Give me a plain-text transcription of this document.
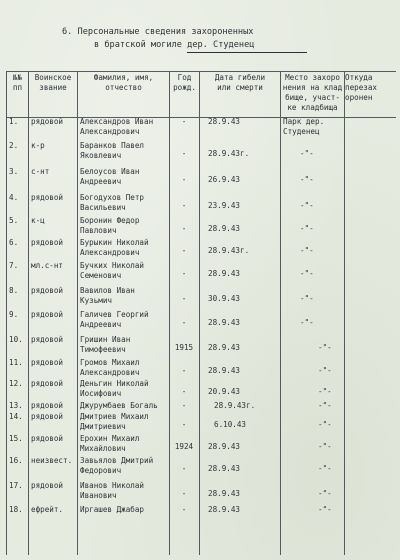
6. Персональные сведения захороненных
в братской могиле дер. Студенец
№№
пп
Воинское
звание
Фамилия, имя,
отчество
Год
рожд.
Дата гибели
или смерти
Место захоро
нения на клад
бище, участ-
ке кладбища
Откуда
перезах
оронен
1. рядовой Александров Иван
Александрович
-	28.9.43	Парк дер.
Студенец
2. к-р	Баранков Павел
Яковлевич	-	28.9.43г.	-"-
3. с-нт	Белоусов Иван
Андреевич	-	26.9.43	-"-
4. рядовой Богодухов Петр
Васильевич	-	23.9.43	-"-
5. к-ц	Боронин Федор
Павлович	-	28.9.43	-"-
6. рядовой Бурыкин Николай
Александрович	-	28.9.43г.	-"-
7. мл.с-нт Бучких Николай
Семенович	-	28.9.43	-"-
8. рядовой Вавилов Иван
Кузьмич	-	30.9.43	-"-
9. рядовой Галичев Георгий
Андреевич	-	28.9.43	-"-
10. рядовой Гришин Иван
Тимофеевич	1915	28.9.43	-"-
11. рядовой Громов Михаил
Александрович	-	28.9.43	-"-
12. рядовой Деньгин Николай
Иосифович	-	20.9.43	-"-
13. рядовой Джурумбаев Богаль	-	28.9.43г.	-"-
14. рядовой Дмитриев Михаил
Дмитриевич	-	6.10.43	-"-
15. рядовой Ерохин Михаил
Михайлович	1924	28.9.43	-"-
16. неизвест. Завьялов Дмитрий
Федорович	-	28.9.43	-"-
17. рядовой Иванов Николай
Иванович	-	28.9.43	-"-
18. ефрейт. Иргашев Джабар	-	28.9.43	-"-
